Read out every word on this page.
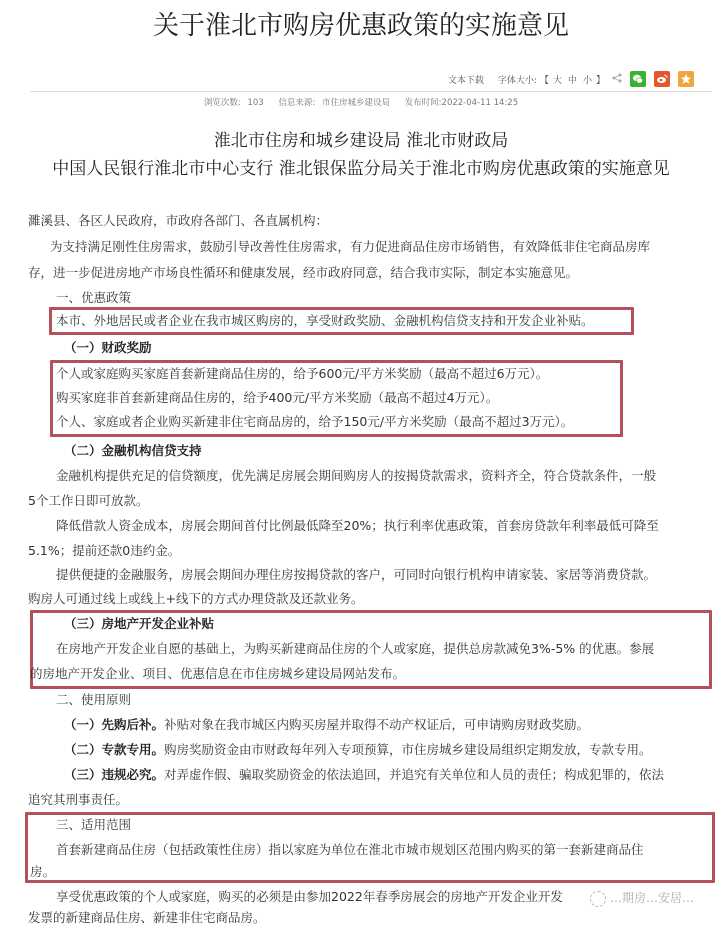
关于淮北市购房优惠政策的实施意见
文本下载 字体大小: 【 大 中 小 】
浏览次数: 103 信息来源: 市住房城乡建设局 发布时间:2022-04-11 14:25
淮北市住房和城乡建设局 淮北市财政局
中国人民银行淮北市中心支行 淮北银保监分局关于淮北市购房优惠政策的实施意见
濉溪县、各区人民政府，市政府各部门、各直属机构：
为支持满足刚性住房需求，鼓励引导改善性住房需求，有力促进商品住房市场销售，有效降低非住宅商品房库
存，进一步促进房地产市场良性循环和健康发展，经市政府同意，结合我市实际，制定本实施意见。
一、优惠政策
本市、外地居民或者企业在我市城区购房的，享受财政奖励、金融机构信贷支持和开发企业补贴。
（一）财政奖励
个人或家庭购买家庭首套新建商品住房的，给予600元/平方米奖励（最高不超过6万元）。
购买家庭非首套新建商品住房的，给予400元/平方米奖励（最高不超过4万元）。
个人、家庭或者企业购买新建非住宅商品房的，给予150元/平方米奖励（最高不超过3万元）。
（二）金融机构信贷支持
金融机构提供充足的信贷额度，优先满足房展会期间购房人的按揭贷款需求，资料齐全，符合贷款条件，一般
5个工作日即可放款。
降低借款人资金成本，房展会期间首付比例最低降至20%；执行利率优惠政策，首套房贷款年利率最低可降至
5.1%；提前还款0违约金。
提供便捷的金融服务，房展会期间办理住房按揭贷款的客户，可同时向银行机构申请家装、家居等消费贷款。
购房人可通过线上或线上+线下的方式办理贷款及还款业务。
（三）房地产开发企业补贴
在房地产开发企业自愿的基础上，为购买新建商品住房的个人或家庭，提供总房款减免3%-5% 的优惠。参展
的房地产开发企业、项目、优惠信息在市住房城乡建设局网站发布。
二、使用原则
（一）先购后补。补贴对象在我市城区内购买房屋并取得不动产权证后，可申请购房财政奖励。
（二）专款专用。购房奖励资金由市财政每年列入专项预算，市住房城乡建设局组织定期发放，专款专用。
（三）违规必究。对弄虚作假、骗取奖励资金的依法追回，并追究有关单位和人员的责任；构成犯罪的，依法
追究其刑事责任。
三、适用范围
首套新建商品住房（包括政策性住房）指以家庭为单位在淮北市城市规划区范围内购买的第一套新建商品住
房。
享受优惠政策的个人或家庭，购买的必须是由参加2022年春季房展会的房地产开发企业开发
发票的新建商品住房、新建非住宅商品房。
…期房…安居…
